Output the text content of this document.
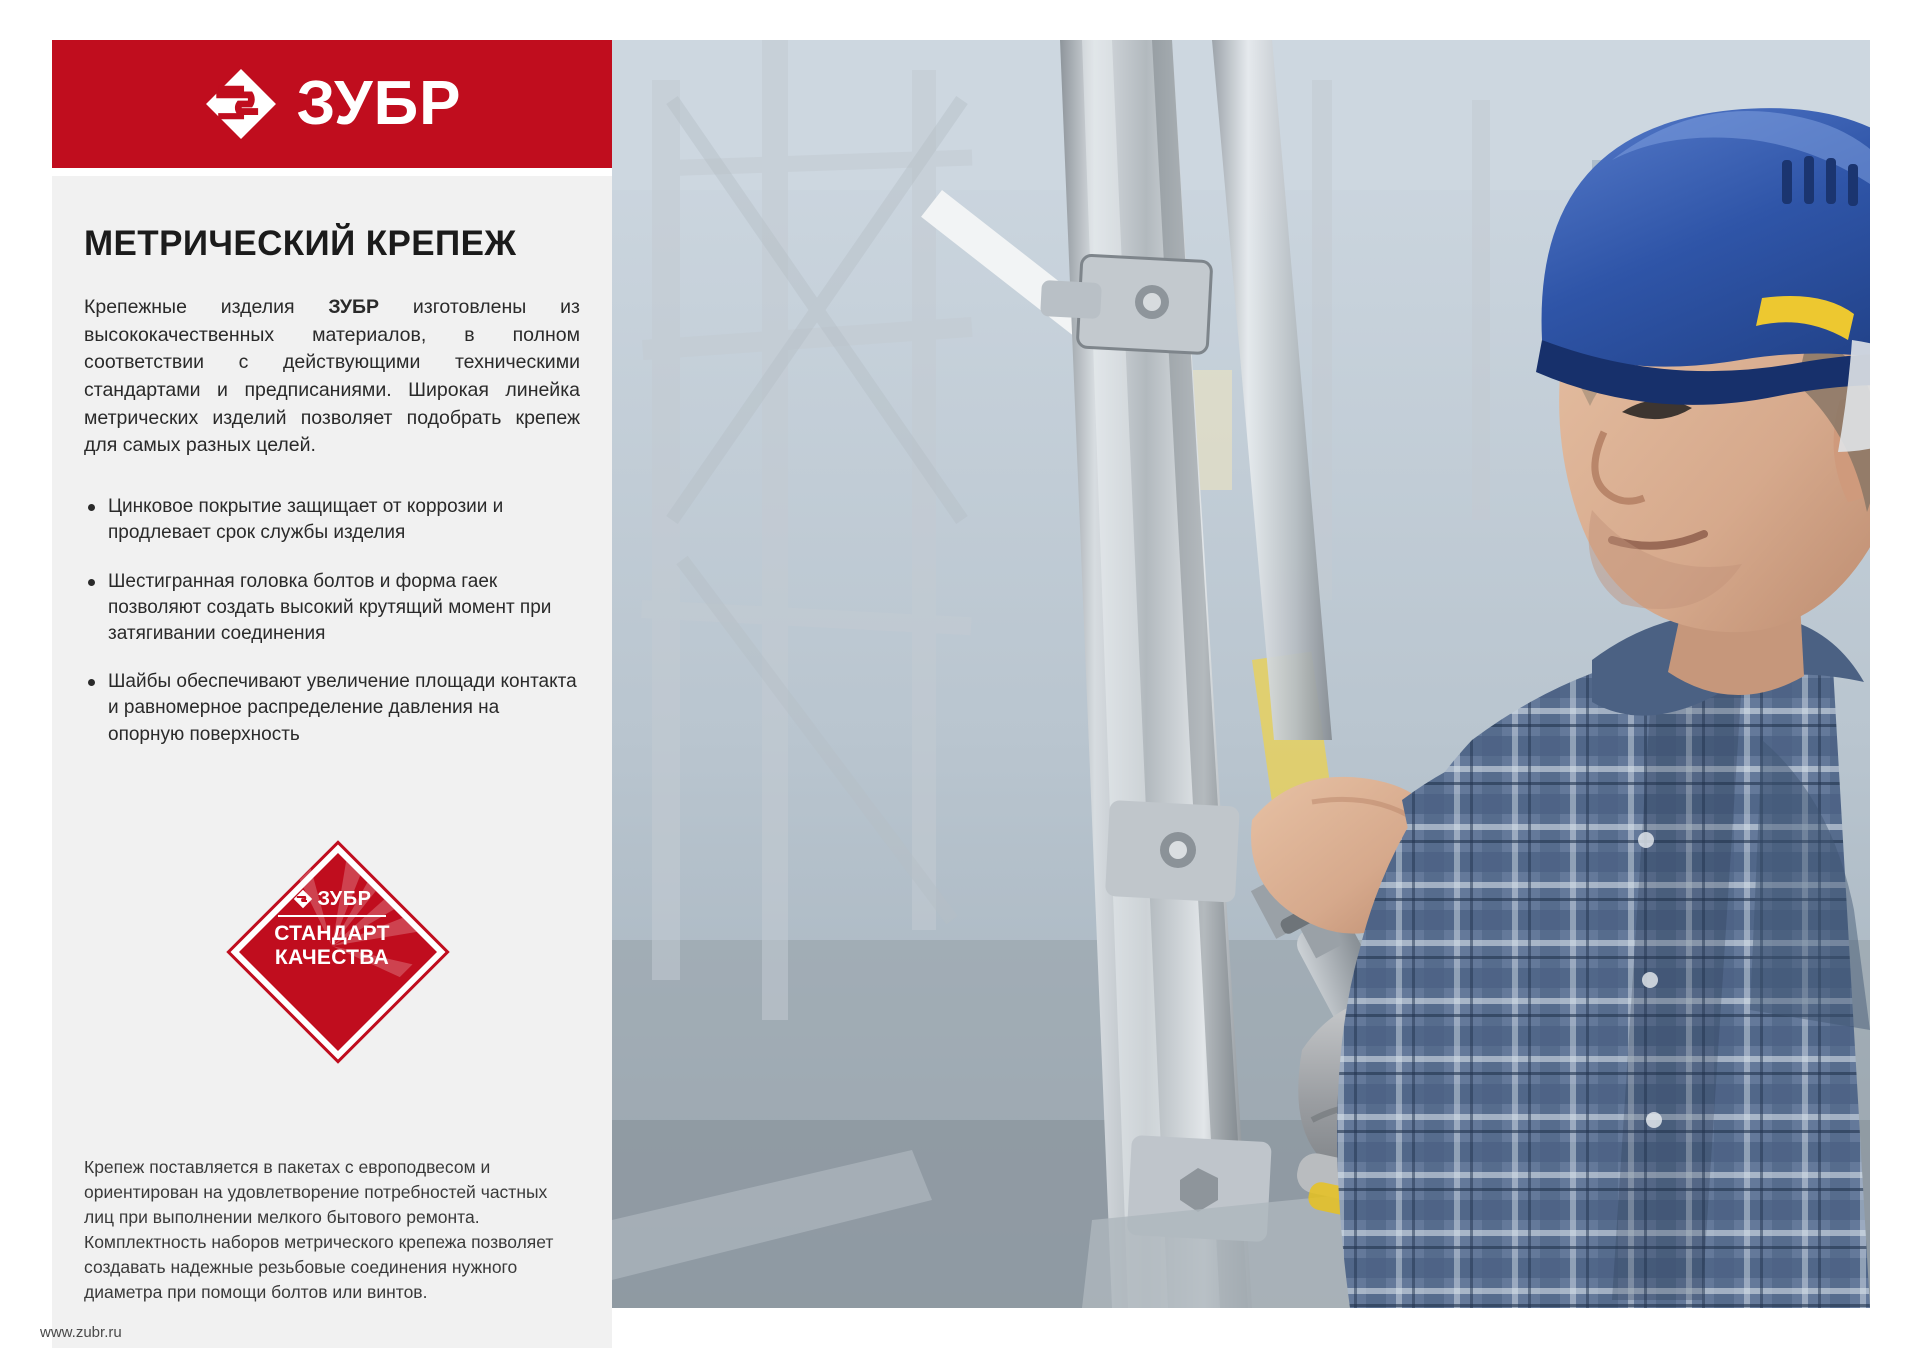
ЗУБР
МЕТРИЧЕСКИЙ КРЕПЕЖ

Крепежные изделия ЗУБР изготовлены из высококачественных материалов, в полном соответствии с действующими техническими стандартами и предписаниями. Широкая линейка метрических изделий позволяет подобрать крепеж для самых разных целей.

Цинковое покрытие защищает от коррозии и продлевает срок службы изделия
Шестигранная головка болтов и форма гаек позволяют создать высокий крутящий момент при затягивании соединения
Шайбы обеспечивают увеличение площади контакта и равномерное распределение давления на опорную поверхность
ЗУБР
СТАНДАРТ
КАЧЕСТВА

Крепеж поставляется в пакетах с европодвесом и ориентирован на удовлетворение потребностей частных лиц при выполнении мелкого бытового ремонта. Комплектность наборов метрического крепежа позволяет создавать надежные резьбовые соединения нужного диаметра при помощи болтов или винтов.

www.zubr.ru
